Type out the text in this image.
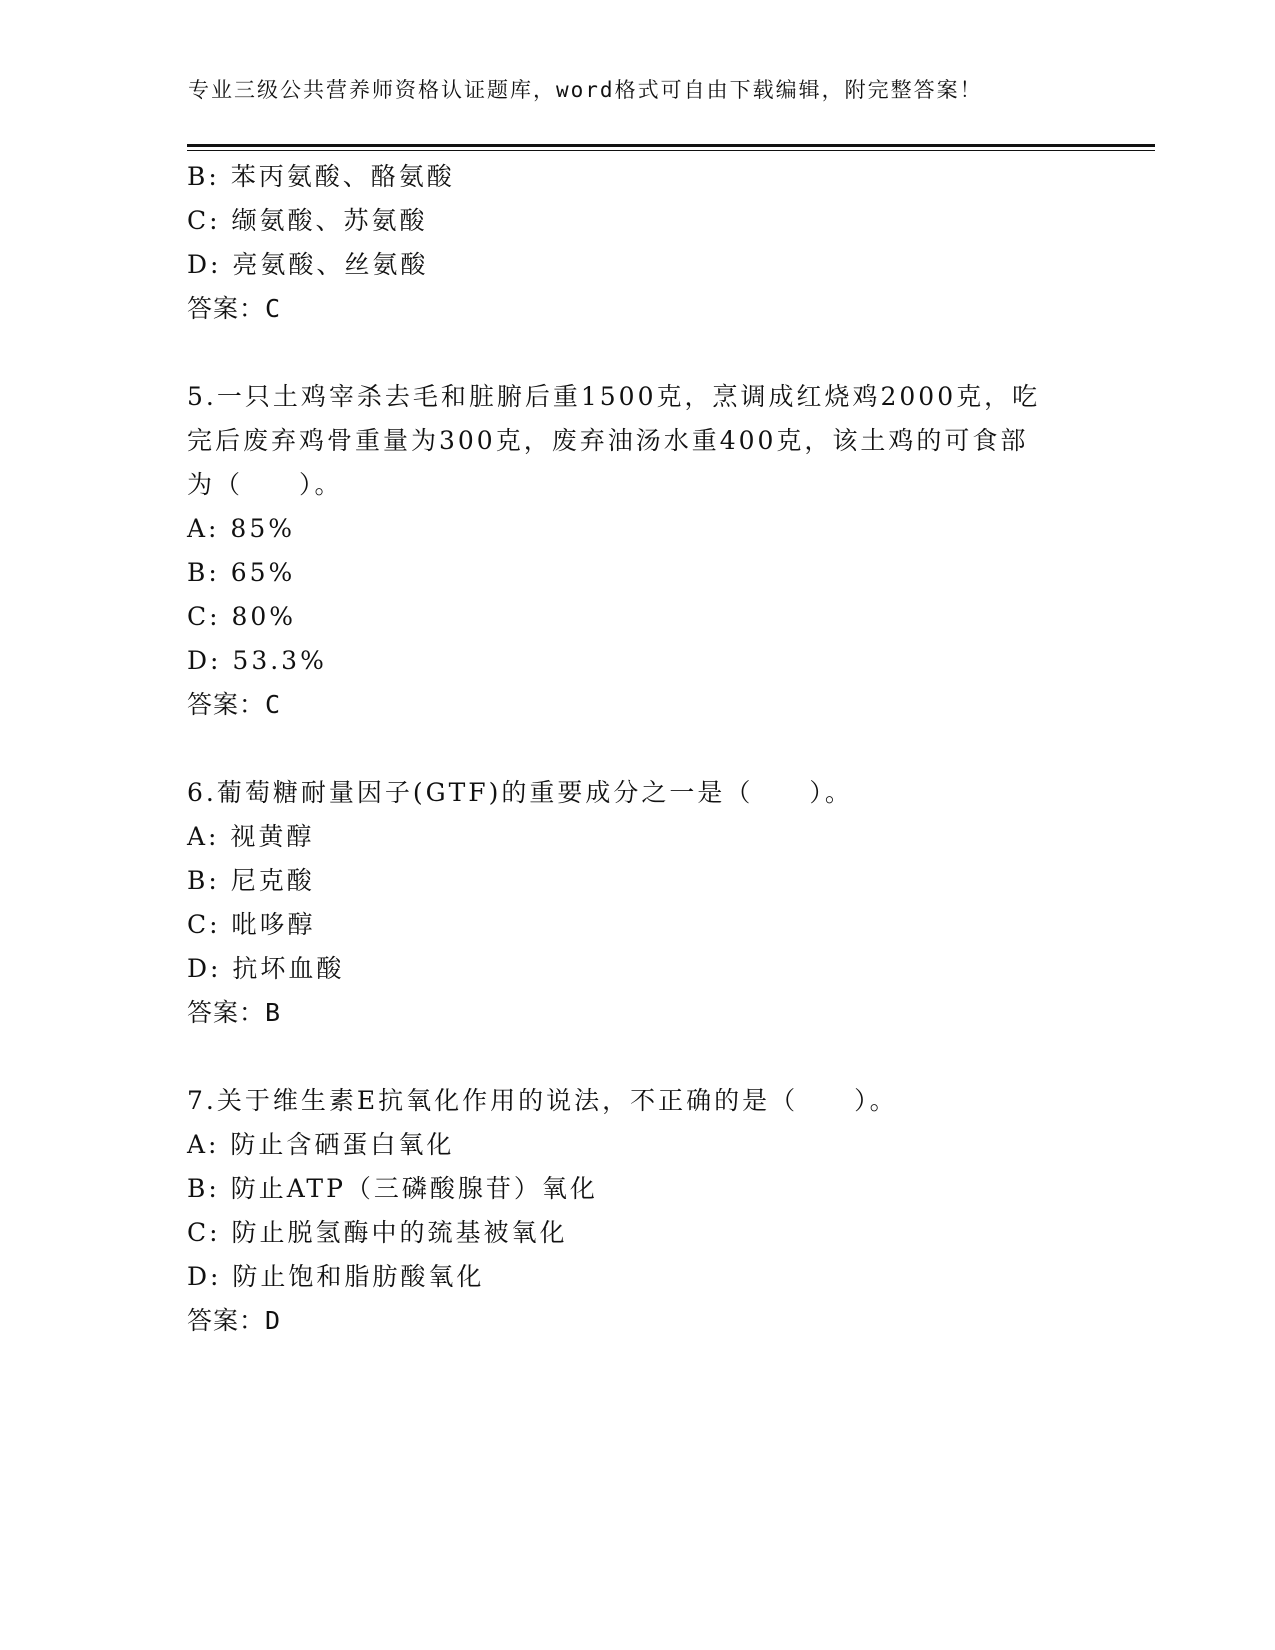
专业三级公共营养师资格认证题库，word格式可自由下载编辑，附完整答案！
B: 苯丙氨酸、酪氨酸
C: 缬氨酸、苏氨酸
D: 亮氨酸、丝氨酸
答案：C
5.一只土鸡宰杀去毛和脏腑后重1500克，烹调成红烧鸡2000克，吃
完后废弃鸡骨重量为300克，废弃油汤水重400克，该土鸡的可食部
为（　　）。
A: 85%
B: 65%
C: 80%
D: 53.3%
答案：C
6.葡萄糖耐量因子(GTF)的重要成分之一是（　　）。
A: 视黄醇
B: 尼克酸
C: 吡哆醇
D: 抗坏血酸
答案：B
7.关于维生素E抗氧化作用的说法，不正确的是（　　）。
A: 防止含硒蛋白氧化
B: 防止ATP（三磷酸腺苷）氧化
C: 防止脱氢酶中的巯基被氧化
D: 防止饱和脂肪酸氧化
答案：D
